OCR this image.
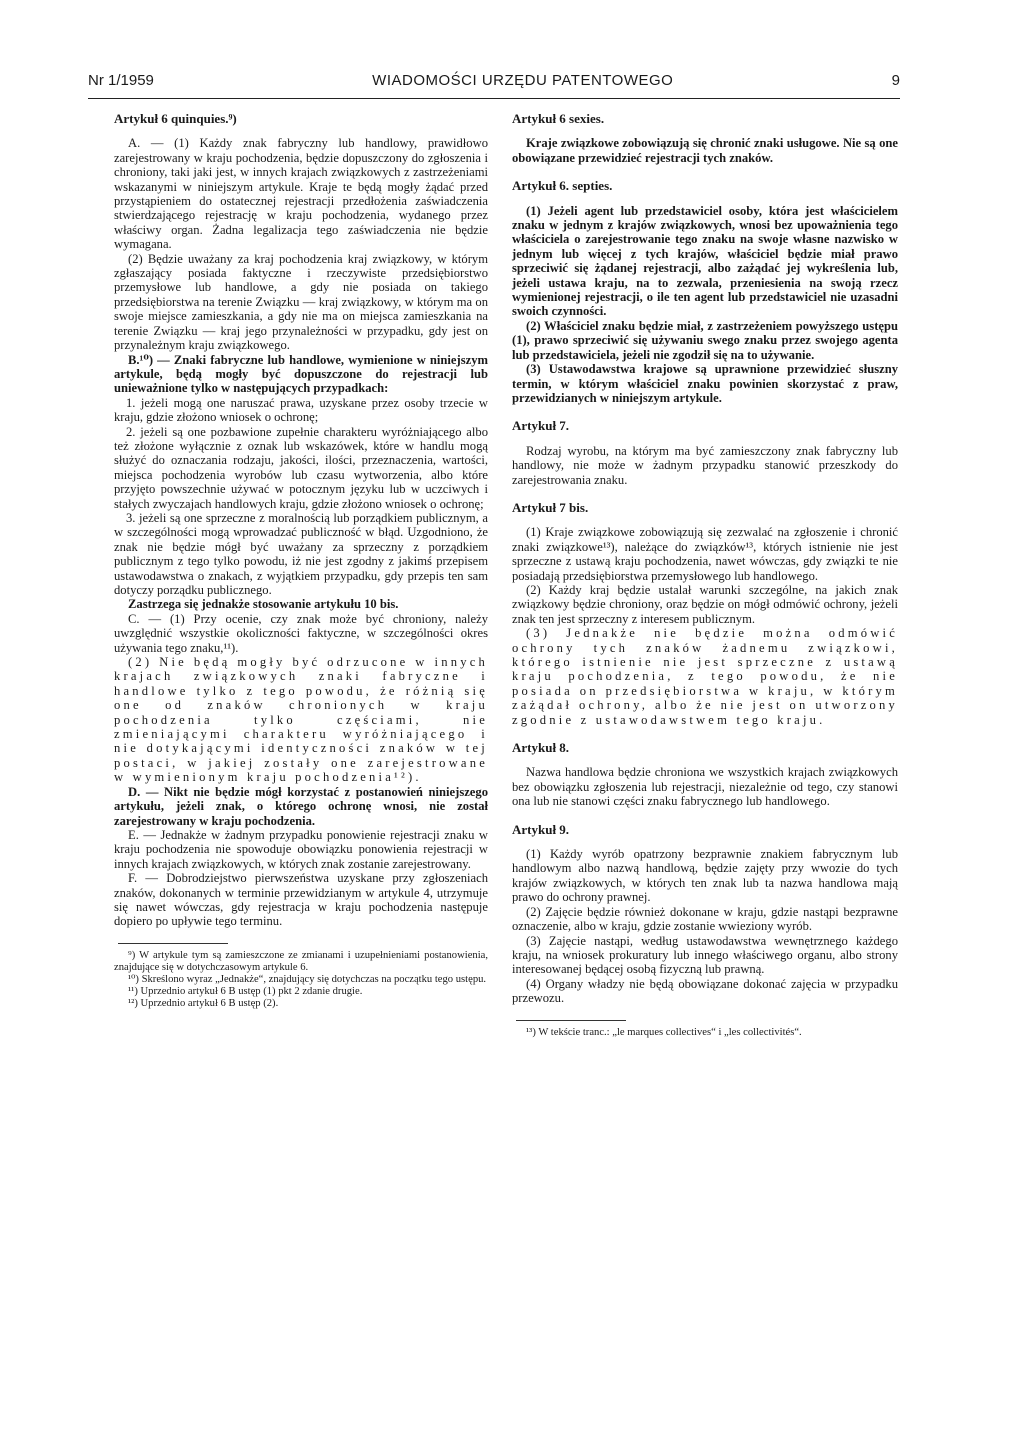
Nr 1/1959	WIADOMOŚCI URZĘDU PATENTOWEGO	9

Artykuł 6 quinquies.⁹)

A. — (1) Każdy znak fabryczny lub handlowy, prawidłowo zarejestrowany w kraju pochodzenia, będzie dopuszczony do zgłoszenia i chroniony, taki jaki jest, w innych krajach związkowych z zastrzeżeniami wskazanymi w niniejszym artykule. Kraje te będą mogły żądać przed przystąpieniem do ostatecznej rejestracji przedłożenia zaświadczenia stwierdzającego rejestrację w kraju pochodzenia, wydanego przez właściwy organ. Żadna legalizacja tego zaświadczenia nie będzie wymagana.

(2) Będzie uważany za kraj pochodzenia kraj związkowy, w którym zgłaszający posiada faktyczne i rzeczywiste przedsiębiorstwo przemysłowe lub handlowe, a gdy nie posiada on takiego przedsiębiorstwa na terenie Związku — kraj związkowy, w którym ma on swoje miejsce zamieszkania, a gdy nie ma on miejsca zamieszkania na terenie Związku — kraj jego przynależności w przypadku, gdy jest on przynależnym kraju związkowego.

B.¹⁰) — Znaki fabryczne lub handlowe, wymienione w niniejszym artykule, będą mogły być dopuszczone do rejestracji lub unieważnione tylko w następujących przypadkach:

1. jeżeli mogą one naruszać prawa, uzyskane przez osoby trzecie w kraju, gdzie złożono wniosek o ochronę;

2. jeżeli są one pozbawione zupełnie charakteru wyróżniającego albo też złożone wyłącznie z oznak lub wskazówek, które w handlu mogą służyć do oznaczania rodzaju, jakości, ilości, przeznaczenia, wartości, miejsca pochodzenia wyrobów lub czasu wytworzenia, albo które przyjęto powszechnie używać w potocznym języku lub w uczciwych i stałych zwyczajach handlowych kraju, gdzie złożono wniosek o ochronę;

3. jeżeli są one sprzeczne z moralnością lub porządkiem publicznym, a w szczególności mogą wprowadzać publiczność w błąd. Uzgodniono, że znak nie będzie mógł być uważany za sprzeczny z porządkiem publicznym z tego tylko powodu, iż nie jest zgodny z jakimś przepisem ustawodawstwa o znakach, z wyjątkiem przypadku, gdy przepis ten sam dotyczy porządku publicznego.

Zastrzega się jednakże stosowanie artykułu 10 bis.

C. — (1) Przy ocenie, czy znak może być chroniony, należy uwzględnić wszystkie okoliczności faktyczne, w szczególności okres używania tego znaku,¹¹).

(2) Nie będą mogły być odrzucone w innych krajach związkowych znaki fabryczne i handlowe tylko z tego powodu, że różnią się one od znaków chronionych w kraju pochodzenia tylko częściami, nie zmieniającymi charakteru wyróżniającego i nie dotykającymi identyczności znaków w tej postaci, w jakiej zostały one zarejestrowane w wymienionym kraju pochodzenia¹²).

D. — Nikt nie będzie mógł korzystać z postanowień niniejszego artykułu, jeżeli znak, o którego ochronę wnosi, nie został zarejestrowany w kraju pochodzenia.

E. — Jednakże w żadnym przypadku ponowienie rejestracji znaku w kraju pochodzenia nie spowoduje obowiązku ponowienia rejestracji w innych krajach związkowych, w których znak zostanie zarejestrowany.

F. — Dobrodziejstwo pierwszeństwa uzyskane przy zgłoszeniach znaków, dokonanych w terminie przewidzianym w artykule 4, utrzymuje się nawet wówczas, gdy rejestracja w kraju pochodzenia następuje dopiero po upływie tego terminu.

⁹) W artykule tym są zamieszczone ze zmianami i uzupełnieniami postanowienia, znajdujące się w dotychczasowym artykule 6.

¹⁰) Skreślono wyraz „Jednakże“, znajdujący się dotychczas na początku tego ustępu.

¹¹) Uprzednio artykuł 6 B ustęp (1) pkt 2 zdanie drugie.

¹²) Uprzednio artykuł 6 B ustęp (2).

Artykuł 6 sexies.

Kraje związkowe zobowiązują się chronić znaki usługowe. Nie są one obowiązane przewidzieć rejestracji tych znaków.

Artykuł 6. septies.

(1) Jeżeli agent lub przedstawiciel osoby, która jest właścicielem znaku w jednym z krajów związkowych, wnosi bez upoważnienia tego właściciela o zarejestrowanie tego znaku na swoje własne nazwisko w jednym lub więcej z tych krajów, właściciel będzie miał prawo sprzeciwić się żądanej rejestracji, albo zażądać jej wykreślenia lub, jeżeli ustawa kraju, na to zezwala, przeniesienia na swoją rzecz wymienionej rejestracji, o ile ten agent lub przedstawiciel nie uzasadni swoich czynności.

(2) Właściciel znaku będzie miał, z zastrzeżeniem powyższego ustępu (1), prawo sprzeciwić się używaniu swego znaku przez swojego agenta lub przedstawiciela, jeżeli nie zgodził się na to używanie.

(3) Ustawodawstwa krajowe są uprawnione przewidzieć słuszny termin, w którym właściciel znaku powinien skorzystać z praw, przewidzianych w niniejszym artykule.

Artykuł 7.

Rodzaj wyrobu, na którym ma być zamieszczony znak fabryczny lub handlowy, nie może w żadnym przypadku stanowić przeszkody do zarejestrowania znaku.

Artykuł 7 bis.

(1) Kraje związkowe zobowiązują się zezwalać na zgłoszenie i chronić znaki związkowe¹³), należące do związków¹³, których istnienie nie jest sprzeczne z ustawą kraju pochodzenia, nawet wówczas, gdy związki te nie posiadają przedsiębiorstwa przemysłowego lub handlowego.

(2) Każdy kraj będzie ustalał warunki szczególne, na jakich znak związkowy będzie chroniony, oraz będzie on mógł odmówić ochrony, jeżeli znak ten jest sprzeczny z interesem publicznym.

(3) Jednakże nie będzie można odmówić ochrony tych znaków żadnemu związkowi, którego istnienie nie jest sprzeczne z ustawą kraju pochodzenia, z tego powodu, że nie posiada on przedsiębiorstwa w kraju, w którym zażądał ochrony, albo że nie jest on utworzony zgodnie z ustawodawstwem tego kraju.

Artykuł 8.

Nazwa handlowa będzie chroniona we wszystkich krajach związkowych bez obowiązku zgłoszenia lub rejestracji, niezależnie od tego, czy stanowi ona lub nie stanowi części znaku fabrycznego lub handlowego.

Artykuł 9.

(1) Każdy wyrób opatrzony bezprawnie znakiem fabrycznym lub handlowym albo nazwą handlową, będzie zajęty przy wwozie do tych krajów związkowych, w których ten znak lub ta nazwa handlowa mają prawo do ochrony prawnej.

(2) Zajęcie będzie również dokonane w kraju, gdzie nastąpi bezprawne oznaczenie, albo w kraju, gdzie zostanie wwieziony wyrób.

(3) Zajęcie nastąpi, według ustawodawstwa wewnętrznego każdego kraju, na wniosek prokuratury lub innego właściwego organu, albo strony interesowanej będącej osobą fizyczną lub prawną.

(4) Organy władzy nie będą obowiązane dokonać zajęcia w przypadku przewozu.

¹³) W tekście tranc.: „le marques collectives“ i „les collectivités“.
